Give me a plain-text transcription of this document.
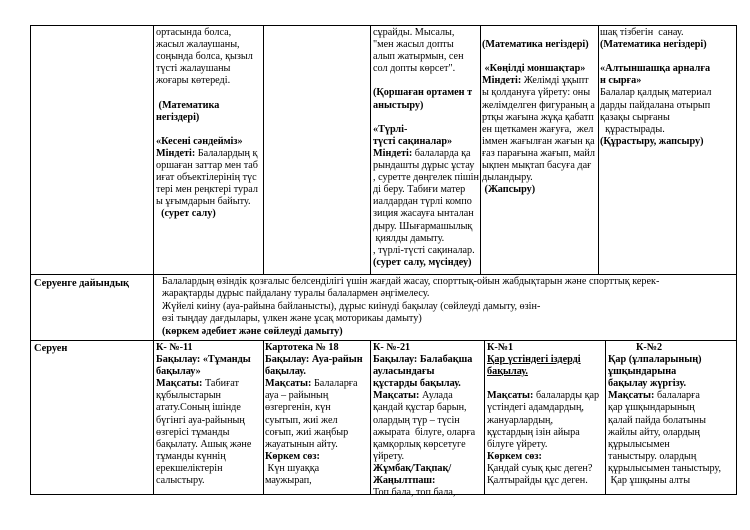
ортасында болса,

жасыл жалаушаны,

соңында болса, қызыл

түсті жалаушаны

жоғары көтереді.

(Математика

негіздері)

«Кесені сәндейміз»

Міндеті: Балалардың қ

оршаған заттар мен таб

иғат объектілерінің түс

тері мен реңктері турал

ы ұғымдарын байыту.

(сурет салу)

сұрайды. Мысалы,

"мен жасыл допты

алып жатырмын, сен

сол допты көрсет".

(Қоршаған ортамен т

аныстыру)

«Түрлі-

түсті сақиналар»

Міндеті: балаларда қа

рындашты дұрыс ұстау

, суретте дөңгелек пішін

ді беру. Табиғи матер

иалдардан түрлі компо

зиция жасауға ынталан

дыру. Шығармашылық

қиялды дамыту.

, түрлі-түсті сақиналар.

(сурет салу, мүсіндеу)

(Математика негіздері)

«Көңілді моншақтар»

Міндеті: Желімді ұқыпт

ы қолдануға үйрету: оны

желімделген фигураның а

ртқы жағына жұқа қабатп

ен щеткамен жағуға,  жел

іммен жағылған жағын қа

ғаз парағына жағып, майл

ықпен мықтап басуға дағ

дыландыру.

(Жапсыру)

шақ тізбегін  санау.

(Математика негіздері)

«Алтыншашқа арналға

н сырға»

Балалар қалдық материал

дарды пайдалана отырып

қазақы сырғаны

құрастырады.

(Құрастыру, жапсыру)

Серуенге дайындық	Балалардың өзіндік қозғалыс белсенділігі үшін жағдай жасау, спорттық-ойын жабдықтарын және спорттық керек-

жарақтарды дұрыс пайдалану туралы балалармен әңгімелесу.

Жүйелі киіну (ауа-райына байланысты), дұрыс киінуді бақылау (сөйлеуді дамыту, өзін-

өзі тыңдау дағдылары, үлкен және ұсақ моторикаы дамыту)

(көркем әдебиет және сөйлеуді дамыту)

Серуен	К- №-11

Бақылау: «Тұманды

бақылау»

Мақсаты: Табиғат

құбылыстарын

атату.Соның ішінде

бүгінгі ауа-райының

өзгерісі тұманды

бақылату. Ашық және

тұманды күннің

ерекшеліктерін

салыстыру.

Картотека № 18

Бақылау: Ауа-райын

бақылау.

Мақсаты: Балаларға

ауа – райының

өзгергенін, күн

суытып, жиі жел

соғып, жиі жаңбыр

жауатынын айту.

Көркем сөз:

Күн шуаққа

маужырап,

К- №-21

Бақылау: Балабақша

ауласындағы

құстарды бақылау.

Мақсаты: Аулада

қандай құстар барын,

олардың түр – түсін

ажырата  білуге, оларға

қамқорлық көрсетуге

үйрету.

Жұмбақ/Тақпақ/Жаңылтпаш:

Топ бала, топ бала,

К-№1

Қар үстіндегі іздерді

бақылау.

Мақсаты: балаларды қар

үстіндегі адамдардың,

жануарлардың,

құстардың ізін айыра

білуге үйрету.

Көркем сөз:

Қандай суық қыс деген?

Қалтырайды құс деген.

К-№2

Қар (ұлпаларының)

ұшқындарына

бақылау жүргізу.

Мақсаты: балаларға

қар ұшқындарының

қалай пайда болатыны

жайлы айту, олардың

құрылысымен

таныстыру. олардың

құрылысымен таныстыру,

Қар ұшқыны алты
